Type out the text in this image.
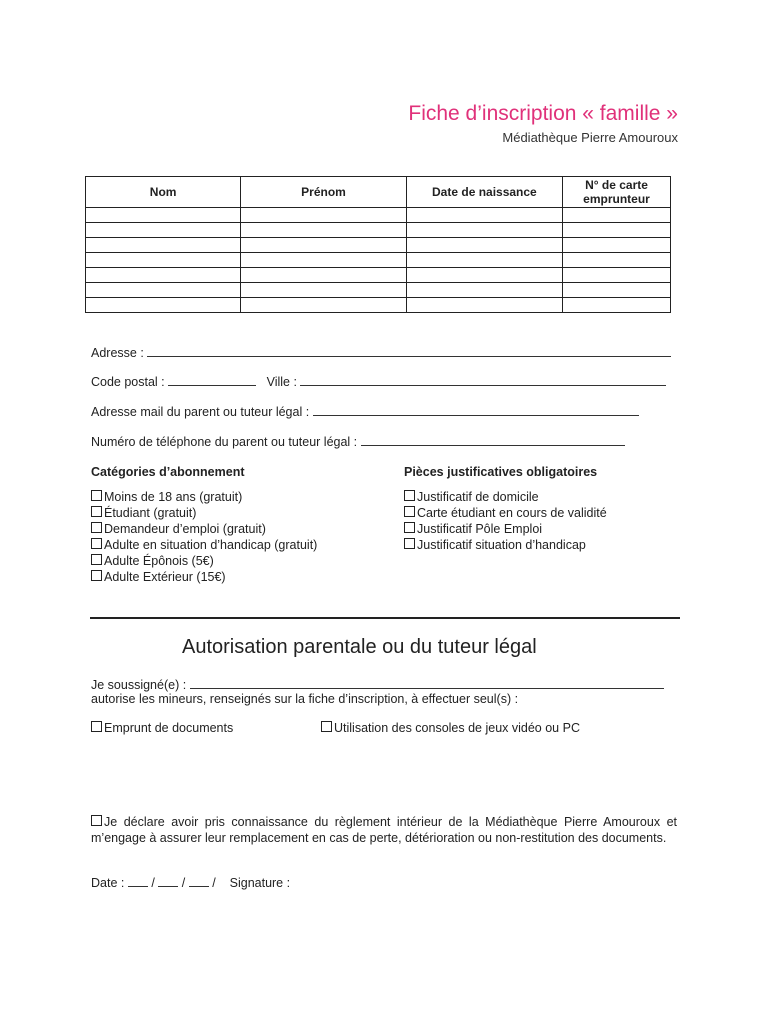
Fiche d’inscription « famille »
Médiathèque Pierre Amouroux
Nom	Prénom	Date de naissance	N° de carte emprunteur

Adresse :
Code postal :	Ville :
Adresse mail du parent ou tuteur légal :
Numéro de téléphone du parent ou tuteur légal :
Catégories d’abonnement
Moins de 18 ans (gratuit)
Étudiant (gratuit)
Demandeur d’emploi (gratuit)
Adulte en situation d’handicap (gratuit)
Adulte Épônois (5€)
Adulte Extérieur (15€)
Pièces justificatives obligatoires
Justificatif de domicile
Carte étudiant en cours de validité
Justificatif Pôle Emploi
Justificatif situation d’handicap
Autorisation parentale ou du tuteur légal
Je soussigné(e) :
autorise les mineurs, renseignés sur la fiche d’inscription, à effectuer seul(s) :
Emprunt de documents	Utilisation des consoles de jeux vidéo ou PC
Je déclare avoir pris connaissance du règlement intérieur de la Médiathèque Pierre Amouroux et m’engage à assurer leur remplacement en cas de perte, détérioration ou non-restitution des documents.
Date : / / / Signature :
